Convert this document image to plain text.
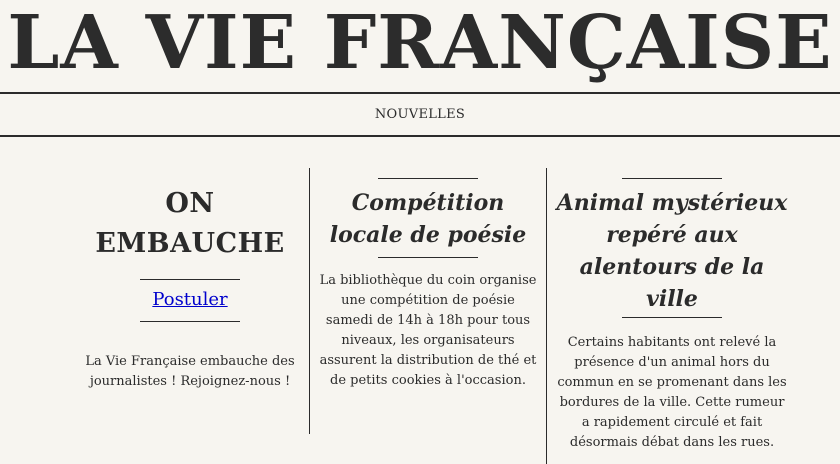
LA VIE FRANÇAISE
NOUVELLES
ON
EMBAUCHE
Postuler

La Vie Française embauche des journalistes ! Rejoignez-nous !

Compétition locale de poésie

La bibliothèque du coin organise une compétition de poésie samedi de 14h à 18h pour tous niveaux, les organisateurs assurent la distribution de thé et de petits cookies à l'occasion.

Animal mystérieux repéré aux alentours de la ville

Certains habitants ont relevé la présence d'un animal hors du commun en se promenant dans les bordures de la ville. Cette rumeur a rapidement circulé et fait désormais débat dans les rues.
